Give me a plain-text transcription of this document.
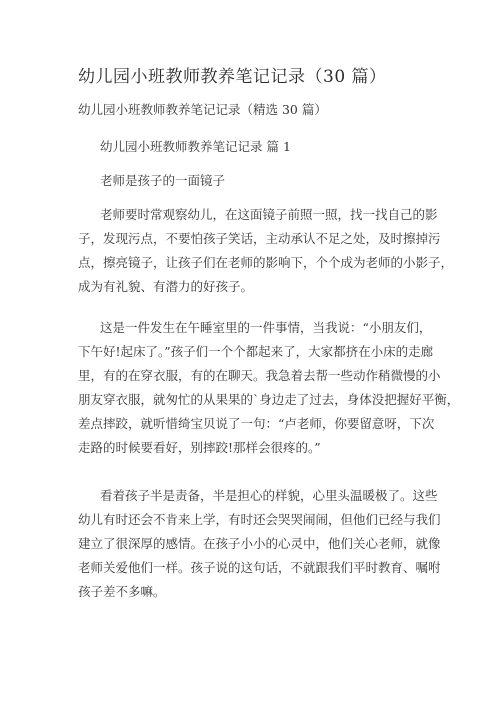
幼儿园小班教师教养笔记记录（30 篇）
幼儿园小班教师教养笔记记录（精选 30 篇）
幼儿园小班教师教养笔记记录 篇 1
老师是孩子的一面镜子
老师要时常观察幼儿，在这面镜子前照一照，找一找自己的影
子，发现污点，不要怕孩子笑话，主动承认不足之处，及时擦掉污
点，擦亮镜子，让孩子们在老师的影响下，个个成为老师的小影子，
成为有礼貌、有潜力的好孩子。
这是一件发生在午睡室里的一件事情，当我说：“小朋友们，
下午好!起床了。”孩子们一个个都起来了，大家都挤在小床的走廊
里，有的在穿衣服，有的在聊天。我急着去帮一些动作稍微慢的小
朋友穿衣服，就匆忙的从果果的`身边走了过去，身体没把握好平衡，
差点摔跤，就听惜绮宝贝说了一句：“卢老师，你要留意呀，下次
走路的时候要看好，别摔跤!那样会很疼的。”
看着孩子半是责备，半是担心的样貌，心里头温暖极了。这些
幼儿有时还会不肯来上学，有时还会哭哭闹闹，但他们已经与我们
建立了很深厚的感情。在孩子小小的心灵中，他们关心老师，就像
老师关爱他们一样。孩子说的这句话，不就跟我们平时教育、嘱咐
孩子差不多嘛。
